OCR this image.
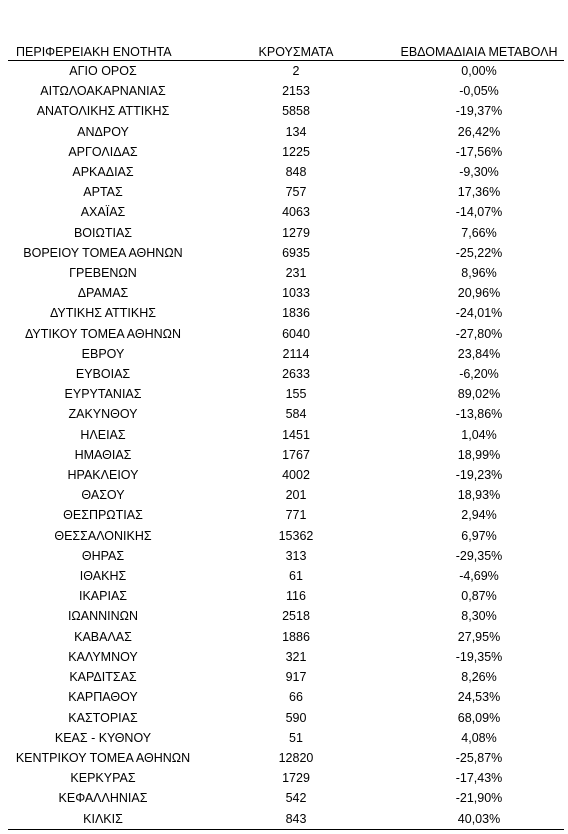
ΠΕΡΙΦΕΡΕΙΑΚΗ ΕΝΟΤΗΤΑ	ΚΡΟΥΣΜΑΤΑ	ΕΒΔΟΜΑΔΙΑΙΑ ΜΕΤΑΒΟΛΗ
ΑΓΙΟ ΟΡΟΣ	2	0,00%
ΑΙΤΩΛΟΑΚΑΡΝΑΝΙΑΣ	2153	-0,05%
ΑΝΑΤΟΛΙΚΗΣ ΑΤΤΙΚΗΣ	5858	-19,37%
ΑΝΔΡΟΥ	134	26,42%
ΑΡΓΟΛΙΔΑΣ	1225	-17,56%
ΑΡΚΑΔΙΑΣ	848	-9,30%
ΑΡΤΑΣ	757	17,36%
ΑΧΑΪΑΣ	4063	-14,07%
ΒΟΙΩΤΙΑΣ	1279	7,66%
ΒΟΡΕΙΟΥ ΤΟΜΕΑ ΑΘΗΝΩΝ	6935	-25,22%
ΓΡΕΒΕΝΩΝ	231	8,96%
ΔΡΑΜΑΣ	1033	20,96%
ΔΥΤΙΚΗΣ ΑΤΤΙΚΗΣ	1836	-24,01%
ΔΥΤΙΚΟΥ ΤΟΜΕΑ ΑΘΗΝΩΝ	6040	-27,80%
ΕΒΡΟΥ	2114	23,84%
ΕΥΒΟΙΑΣ	2633	-6,20%
ΕΥΡΥΤΑΝΙΑΣ	155	89,02%
ΖΑΚΥΝΘΟΥ	584	-13,86%
ΗΛΕΙΑΣ	1451	1,04%
ΗΜΑΘΙΑΣ	1767	18,99%
ΗΡΑΚΛΕΙΟΥ	4002	-19,23%
ΘΑΣΟΥ	201	18,93%
ΘΕΣΠΡΩΤΙΑΣ	771	2,94%
ΘΕΣΣΑΛΟΝΙΚΗΣ	15362	6,97%
ΘΗΡΑΣ	313	-29,35%
ΙΘΑΚΗΣ	61	-4,69%
ΙΚΑΡΙΑΣ	116	0,87%
ΙΩΑΝΝΙΝΩΝ	2518	8,30%
ΚΑΒΑΛΑΣ	1886	27,95%
ΚΑΛΥΜΝΟΥ	321	-19,35%
ΚΑΡΔΙΤΣΑΣ	917	8,26%
ΚΑΡΠΑΘΟΥ	66	24,53%
ΚΑΣΤΟΡΙΑΣ	590	68,09%
ΚΕΑΣ - ΚΥΘΝΟΥ	51	4,08%
ΚΕΝΤΡΙΚΟΥ ΤΟΜΕΑ ΑΘΗΝΩΝ	12820	-25,87%
ΚΕΡΚΥΡΑΣ	1729	-17,43%
ΚΕΦΑΛΛΗΝΙΑΣ	542	-21,90%
ΚΙΛΚΙΣ	843	40,03%
